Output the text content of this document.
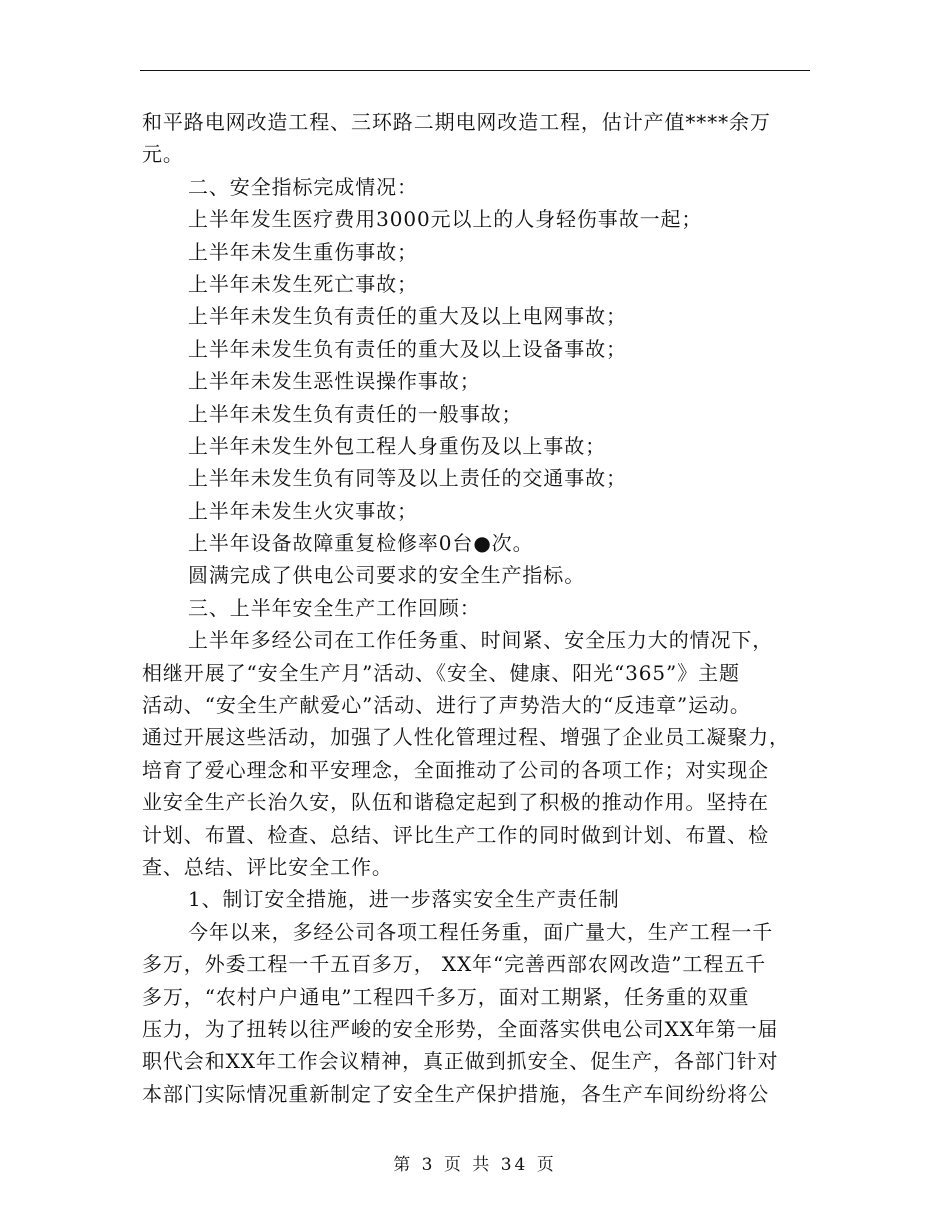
和平路电网改造工程、三环路二期电网改造工程，估计产值****余万
元。
二、安全指标完成情况：
上半年发生医疗费用3000元以上的人身轻伤事故一起；
上半年未发生重伤事故；
上半年未发生死亡事故；
上半年未发生负有责任的重大及以上电网事故；
上半年未发生负有责任的重大及以上设备事故；
上半年未发生恶性误操作事故；
上半年未发生负有责任的一般事故；
上半年未发生外包工程人身重伤及以上事故；
上半年未发生负有同等及以上责任的交通事故；
上半年未发生火灾事故；
上半年设备故障重复检修率0台●次。
圆满完成了供电公司要求的安全生产指标。
三、上半年安全生产工作回顾：
上半年多经公司在工作任务重、时间紧、安全压力大的情况下，
相继开展了“安全生产月”活动、《安全、健康、阳光“365”》主题
活动、“安全生产献爱心”活动、进行了声势浩大的“反违章”运动。
通过开展这些活动，加强了人性化管理过程、增强了企业员工凝聚力，
培育了爱心理念和平安理念，全面推动了公司的各项工作；对实现企
业安全生产长治久安，队伍和谐稳定起到了积极的推动作用。坚持在
计划、布置、检查、总结、评比生产工作的同时做到计划、布置、检
查、总结、评比安全工作。
1、制订安全措施，进一步落实安全生产责任制
今年以来，多经公司各项工程任务重，面广量大，生产工程一千
多万，外委工程一千五百多万， XX年“完善西部农网改造”工程五千
多万，“农村户户通电”工程四千多万，面对工期紧，任务重的双重
压力，为了扭转以往严峻的安全形势，全面落实供电公司XX年第一届
职代会和XX年工作会议精神，真正做到抓安全、促生产，各部门针对
本部门实际情况重新制定了安全生产保护措施，各生产车间纷纷将公
第 3 页 共 34 页
